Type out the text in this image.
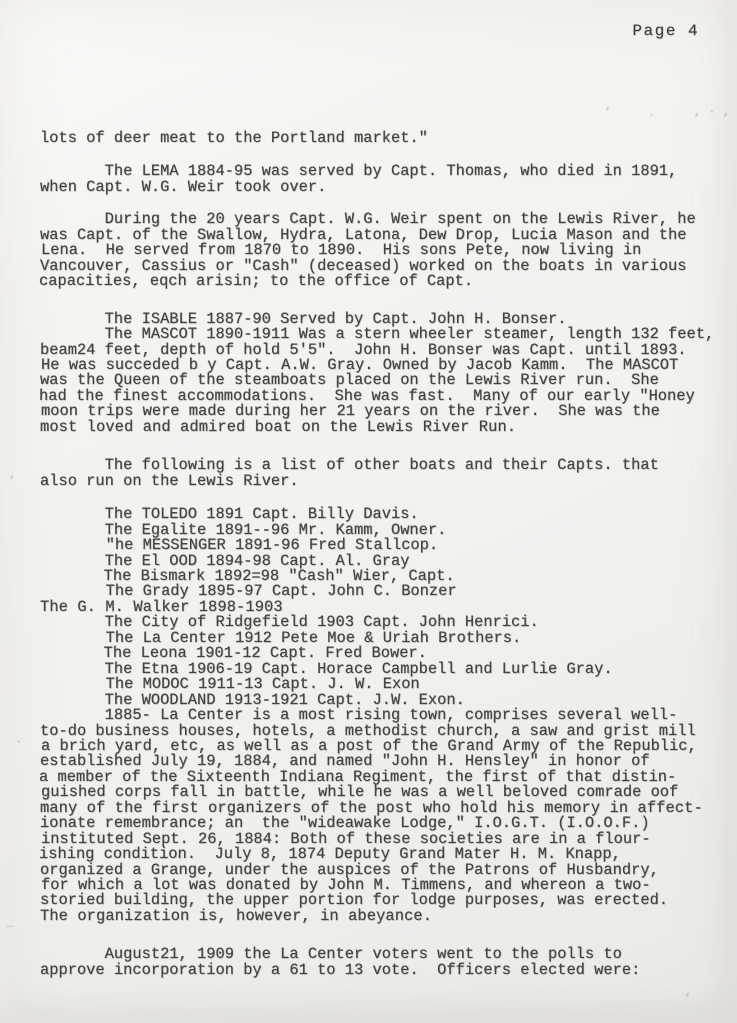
Page 4
lots of deer meat to the Portland market."
The LEMA 1884-95 was served by Capt. Thomas, who died in 1891,
when Capt. W.G. Weir took over.
During the 20 years Capt. W.G. Weir spent on the Lewis River, he
was Capt. of the Swallow, Hydra, Latona, Dew Drop, Lucia Mason and the
Lena.  He served from 1870 to 1890.  His sons Pete, now living in
Vancouver, Cassius or "Cash" (deceased) worked on the boats in various
capacities, eqch arisin; to the office of Capt.
The ISABLE 1887-90 Served by Capt. John H. Bonser.
The MASCOT 1890-1911 Was a stern wheeler steamer, length 132 feet,
beam24 feet, depth of hold 5'5".  John H. Bonser was Capt. until 1893.
He was succeded b y Capt. A.W. Gray. Owned by Jacob Kamm.  The MASCOT
was the Queen of the steamboats placed on the Lewis River run.  She
had the finest accommodations.  She was fast.  Many of our early "Honey
moon trips were made during her 21 years on the river.  She was the
most loved and admired boat on the Lewis River Run.
The following is a list of other boats and their Capts. that
also run on the Lewis River.
The TOLEDO 1891 Capt. Billy Davis.
The Egalite 1891--96 Mr. Kamm, Owner.
"he MESSENGER 1891-96 Fred Stallcop.
The El OOD 1894-98 Capt. Al. Gray
The Bismark 1892=98 "Cash" Wier, Capt.
The Grady 1895-97 Capt. John C. Bonzer
The G. M. Walker 1898-1903
The City of Ridgefield 1903 Capt. John Henrici.
The La Center 1912 Pete Moe & Uriah Brothers.
The Leona 1901-12 Capt. Fred Bower.
The Etna 1906-19 Capt. Horace Campbell and Lurlie Gray.
The MODOC 1911-13 Capt. J. W. Exon
The WOODLAND 1913-1921 Capt. J.W. Exon.
1885- La Center is a most rising town, comprises several well-
to-do business houses, hotels, a methodist church, a saw and grist mill
a brich yard, etc, as well as a post of the Grand Army of the Republic,
established July 19, 1884, and named "John H. Hensley" in honor of
a member of the Sixteenth Indiana Regiment, the first of that distin-
guished corps fall in battle, while he was a well beloved comrade oof
many of the first organizers of the post who hold his memory in affect-
ionate remembrance; an  the "wideawake Lodge," I.O.G.T. (I.O.O.F.)
instituted Sept. 26, 1884: Both of these societies are in a flour-
ishing condition.  July 8, 1874 Deputy Grand Mater H. M. Knapp,
organized a Grange, under the auspices of the Patrons of Husbandry,
for which a lot was donated by John M. Timmens, and whereon a two-
storied building, the upper portion for lodge purposes, was erected.
The organization is, however, in abeyance.
August21, 1909 the La Center voters went to the polls to
approve incorporation by a 61 to 13 vote.  Officers elected were:
’	·	, · ,
‘
·
‾
’
